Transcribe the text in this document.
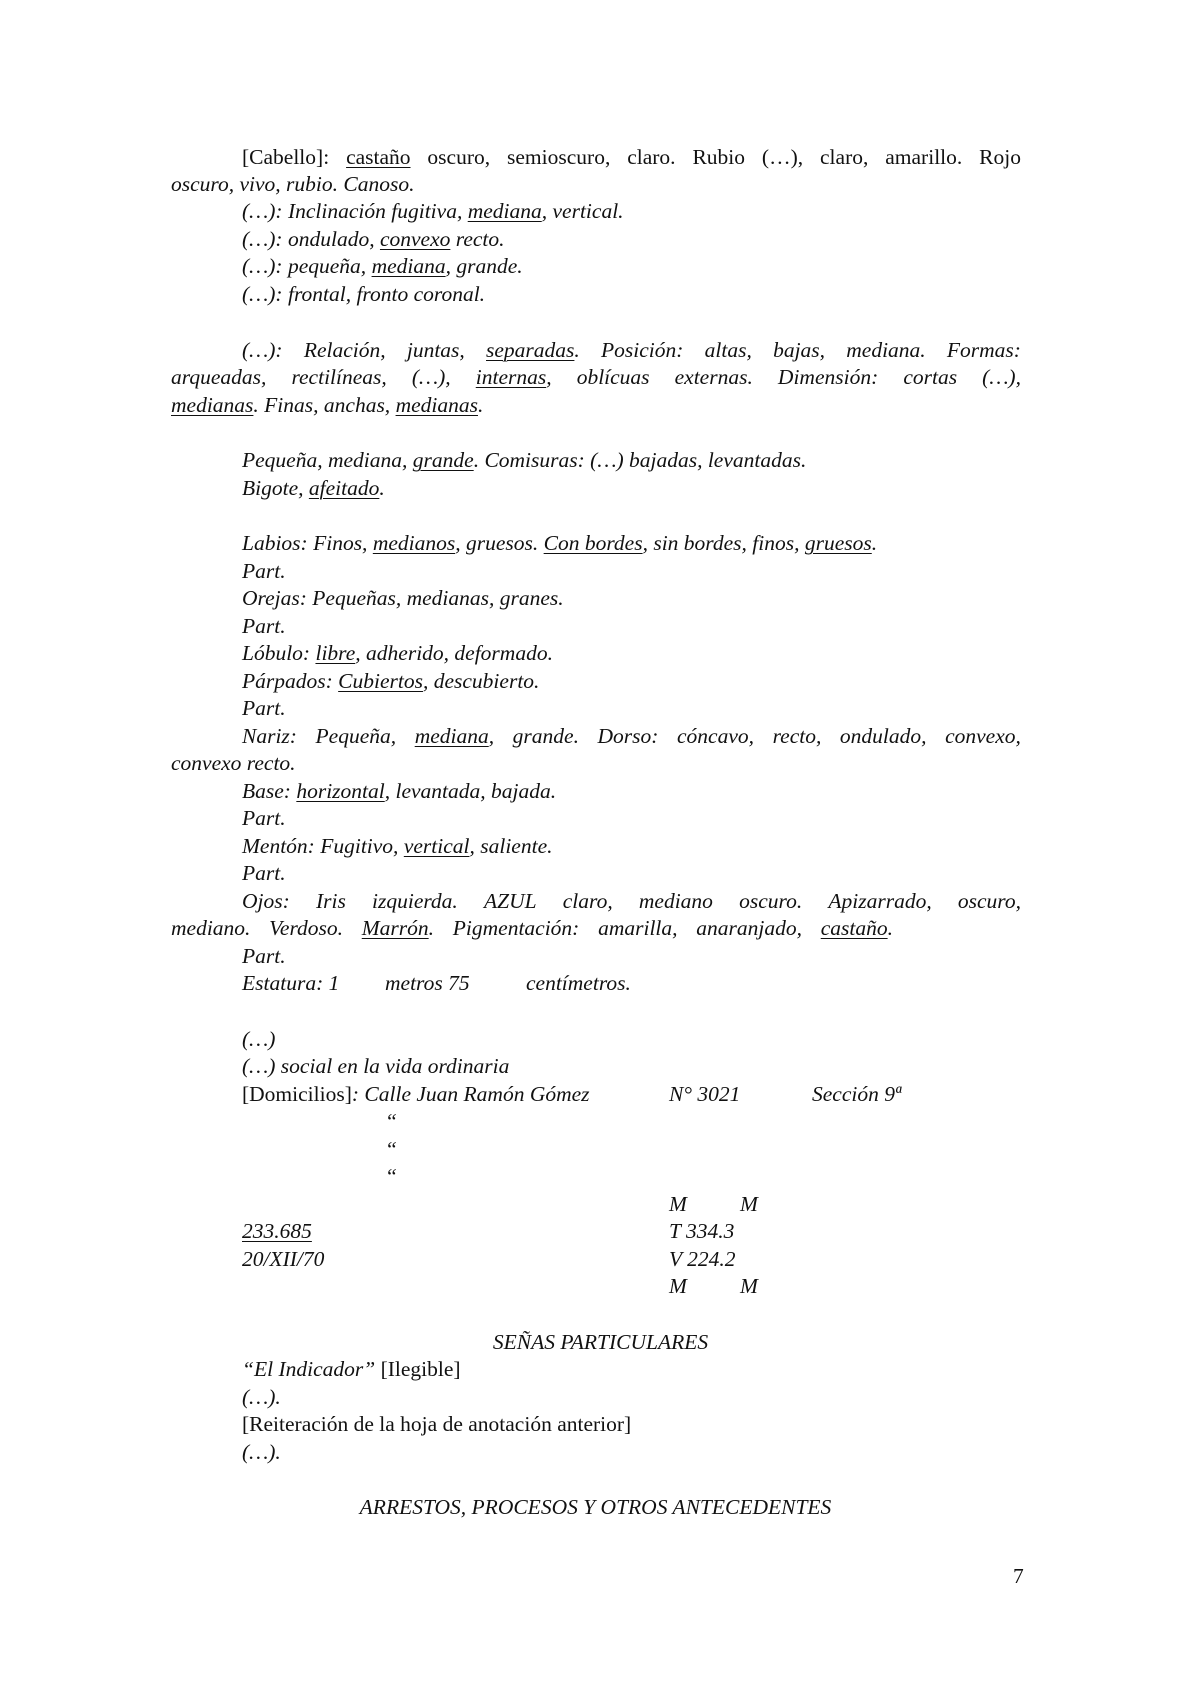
[Cabello]: castaño oscuro, semioscuro, claro. Rubio (…), claro, amarillo. Rojo
oscuro, vivo, rubio. Canoso.
(…): Inclinación fugitiva, mediana, vertical.
(…): ondulado, convexo recto.
(…): pequeña, mediana, grande.
(…): frontal, fronto coronal.
(…): Relación, juntas, separadas. Posición: altas, bajas, mediana. Formas:
arqueadas, rectilíneas, (…), internas, oblícuas externas. Dimensión: cortas (…),
medianas. Finas, anchas, medianas.
Pequeña, mediana, grande. Comisuras: (…) bajadas, levantadas.
Bigote, afeitado.
Labios: Finos, medianos, gruesos. Con bordes, sin bordes, finos, gruesos.
Part.
Orejas: Pequeñas, medianas, granes.
Part.
Lóbulo: libre, adherido, deformado.
Párpados: Cubiertos, descubierto.
Part.
Nariz: Pequeña, mediana, grande. Dorso: cóncavo, recto, ondulado, convexo,
convexo recto.
Base: horizontal, levantada, bajada.
Part.
Mentón: Fugitivo, vertical, saliente.
Part.
Ojos: Iris izquierda. AZUL claro, mediano oscuro. Apizarrado, oscuro,
mediano. Verdoso. Marrón. Pigmentación: amarilla, anaranjado, castaño.
Part.
Estatura: 1 metros 75	centímetros.
(…)
(…) social en la vida ordinaria
[Domicilios]: Calle Juan Ramón Gómez	N° 3021	Sección 9ª
“
“
“
M M
233.685	T 334.3
20/XII/70	V 224.2
M M
SEÑAS PARTICULARES
“El Indicador” [Ilegible]
(…).
[Reiteración de la hoja de anotación anterior]
(…).
ARRESTOS, PROCESOS Y OTROS ANTECEDENTES
7
